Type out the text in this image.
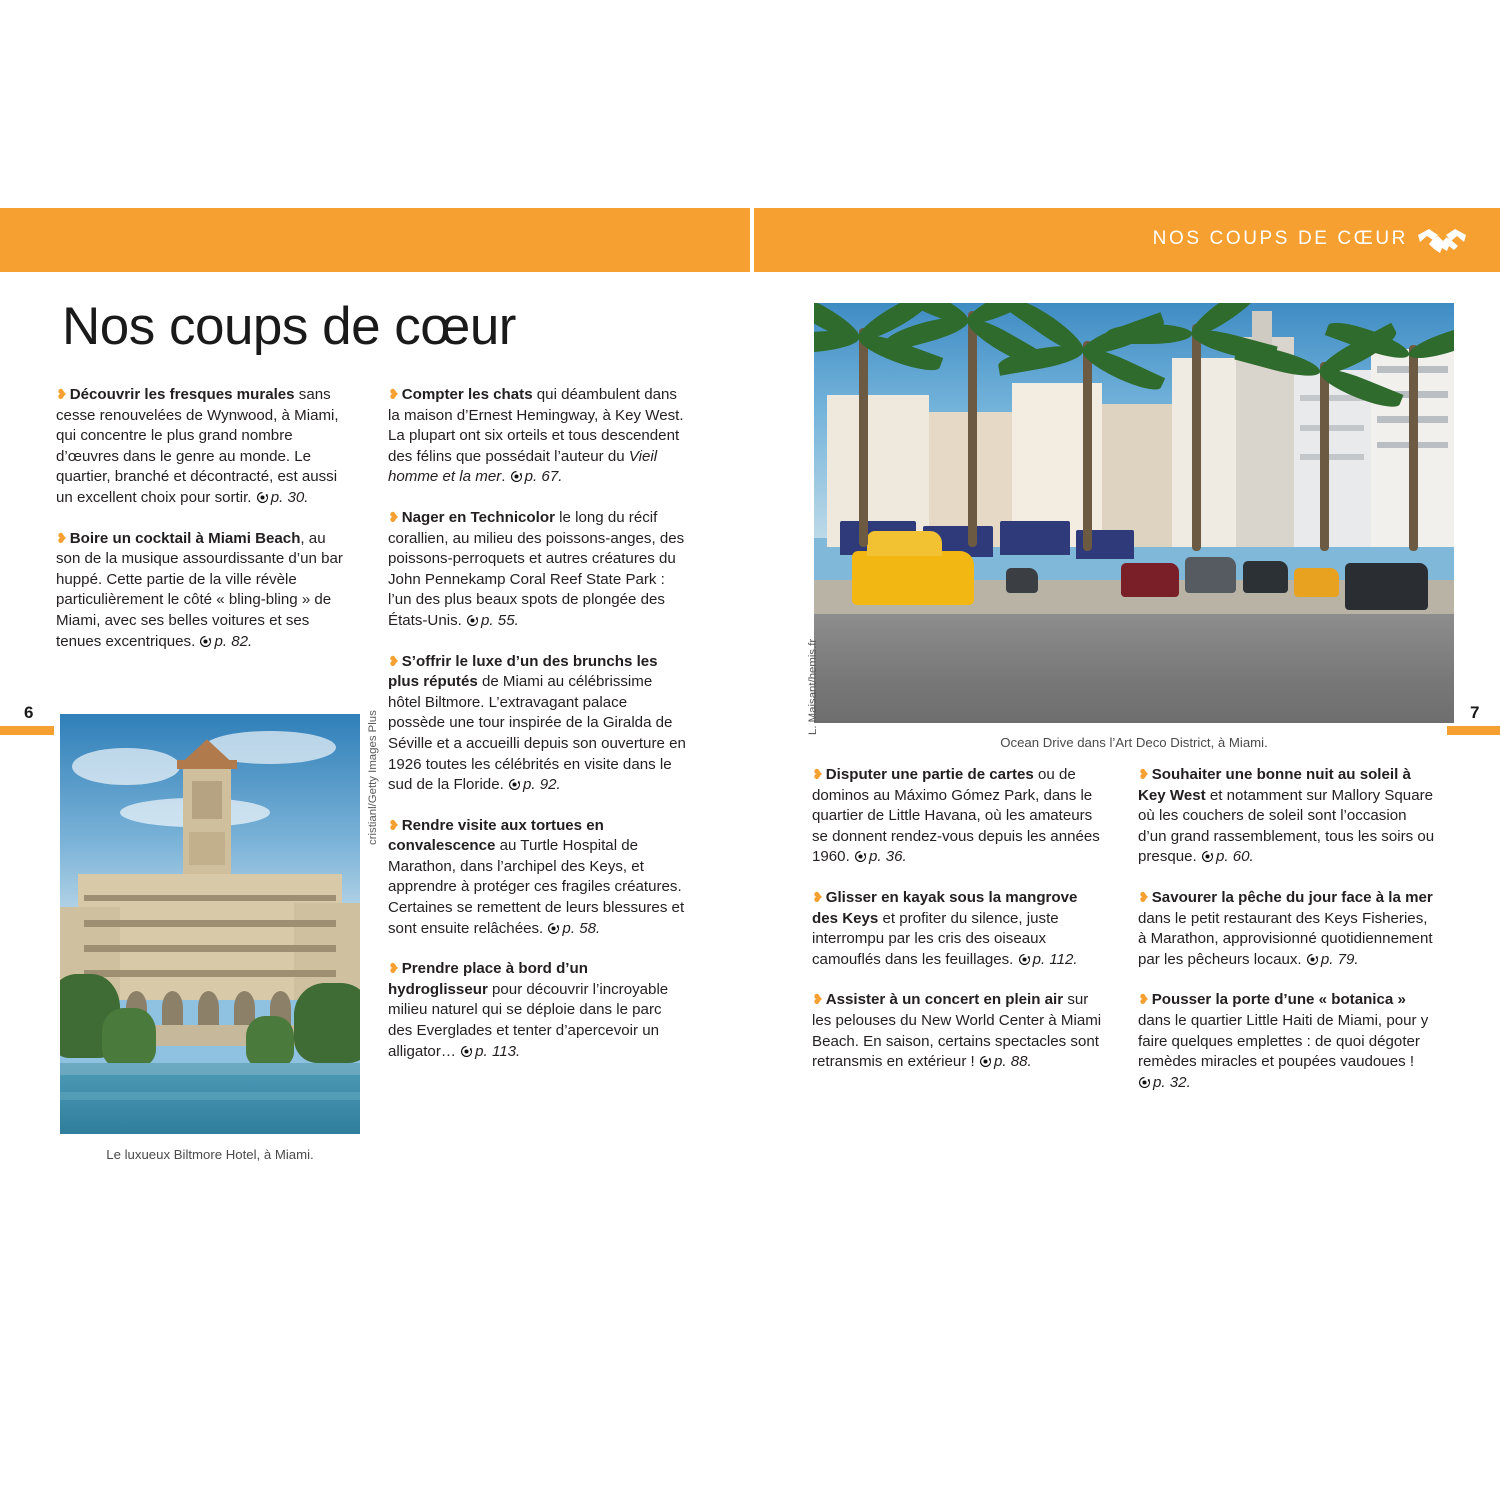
NOS COUPS DE CŒUR
6	7
Nos coups de cœur
❥ Découvrir les fresques murales sans cesse renouvelées de Wynwood, à Miami, qui concentre le plus grand nombre d’œuvres dans le genre au monde. Le quartier, branché et décontracté, est aussi un excellent choix pour sortir. p. 30.
❥ Boire un cocktail à Miami Beach, au son de la musique assourdissante d’un bar huppé. Cette partie de la ville révèle particulièrement le côté « bling-bling » de Miami, avec ses belles voitures et ses tenues excentriques. p. 82.
❥ Compter les chats qui déambulent dans la maison d’Ernest Hemingway, à Key West. La plupart ont six orteils et tous descendent des félins que possédait l’auteur du Vieil homme et la mer. p. 67.
❥ Nager en Technicolor le long du récif corallien, au milieu des poissons-anges, des poissons-perroquets et autres créatures du John Pennekamp Coral Reef State Park : l’un des plus beaux spots de plongée des États-Unis. p. 55.
❥ S’offrir le luxe d’un des brunchs les plus réputés de Miami au célébrissime hôtel Biltmore. L’extravagant palace possède une tour inspirée de la Giralda de Séville et a accueilli depuis son ouverture en 1926 toutes les célébrités en visite dans le sud de la Floride. p. 92.
❥ Rendre visite aux tortues en convalescence au Turtle Hospital de Marathon, dans l’archipel des Keys, et apprendre à protéger ces fragiles créatures. Certaines se remettent de leurs blessures et sont ensuite relâchées. p. 58.
❥ Prendre place à bord d’un hydroglisseur pour découvrir l’incroyable milieu naturel qui se déploie dans le parc des Everglades et tenter d’apercevoir un alligator… p. 113.
❥ Disputer une partie de cartes ou de dominos au Máximo Gómez Park, dans le quartier de Little Havana, où les amateurs se donnent rendez-vous depuis les années 1960. p. 36.
❥ Glisser en kayak sous la mangrove des Keys et profiter du silence, juste interrompu par les cris des oiseaux camouflés dans les feuillages. p. 112.
❥ Assister à un concert en plein air sur les pelouses du New World Center à Miami Beach. En saison, certains spectacles sont retransmis en extérieur ! p. 88.
❥ Souhaiter une bonne nuit au soleil à Key West et notamment sur Mallory Square où les couchers de soleil sont l’occasion d’un grand rassemblement, tous les soirs ou presque. p. 60.
❥ Savourer la pêche du jour face à la mer dans le petit restaurant des Keys Fisheries, à Marathon, approvisionné quotidiennement par les pêcheurs locaux. p. 79.
❥ Pousser la porte d’une « botanica » dans le quartier Little Haiti de Miami, pour y faire quelques emplettes : de quoi dégoter remèdes miracles et poupées vaudoues ! p. 32.
Ocean Drive dans l’Art Deco District, à Miami.
L. Maisant/hemis.fr
Le luxueux Biltmore Hotel, à Miami.
cristianl/Getty Images Plus
